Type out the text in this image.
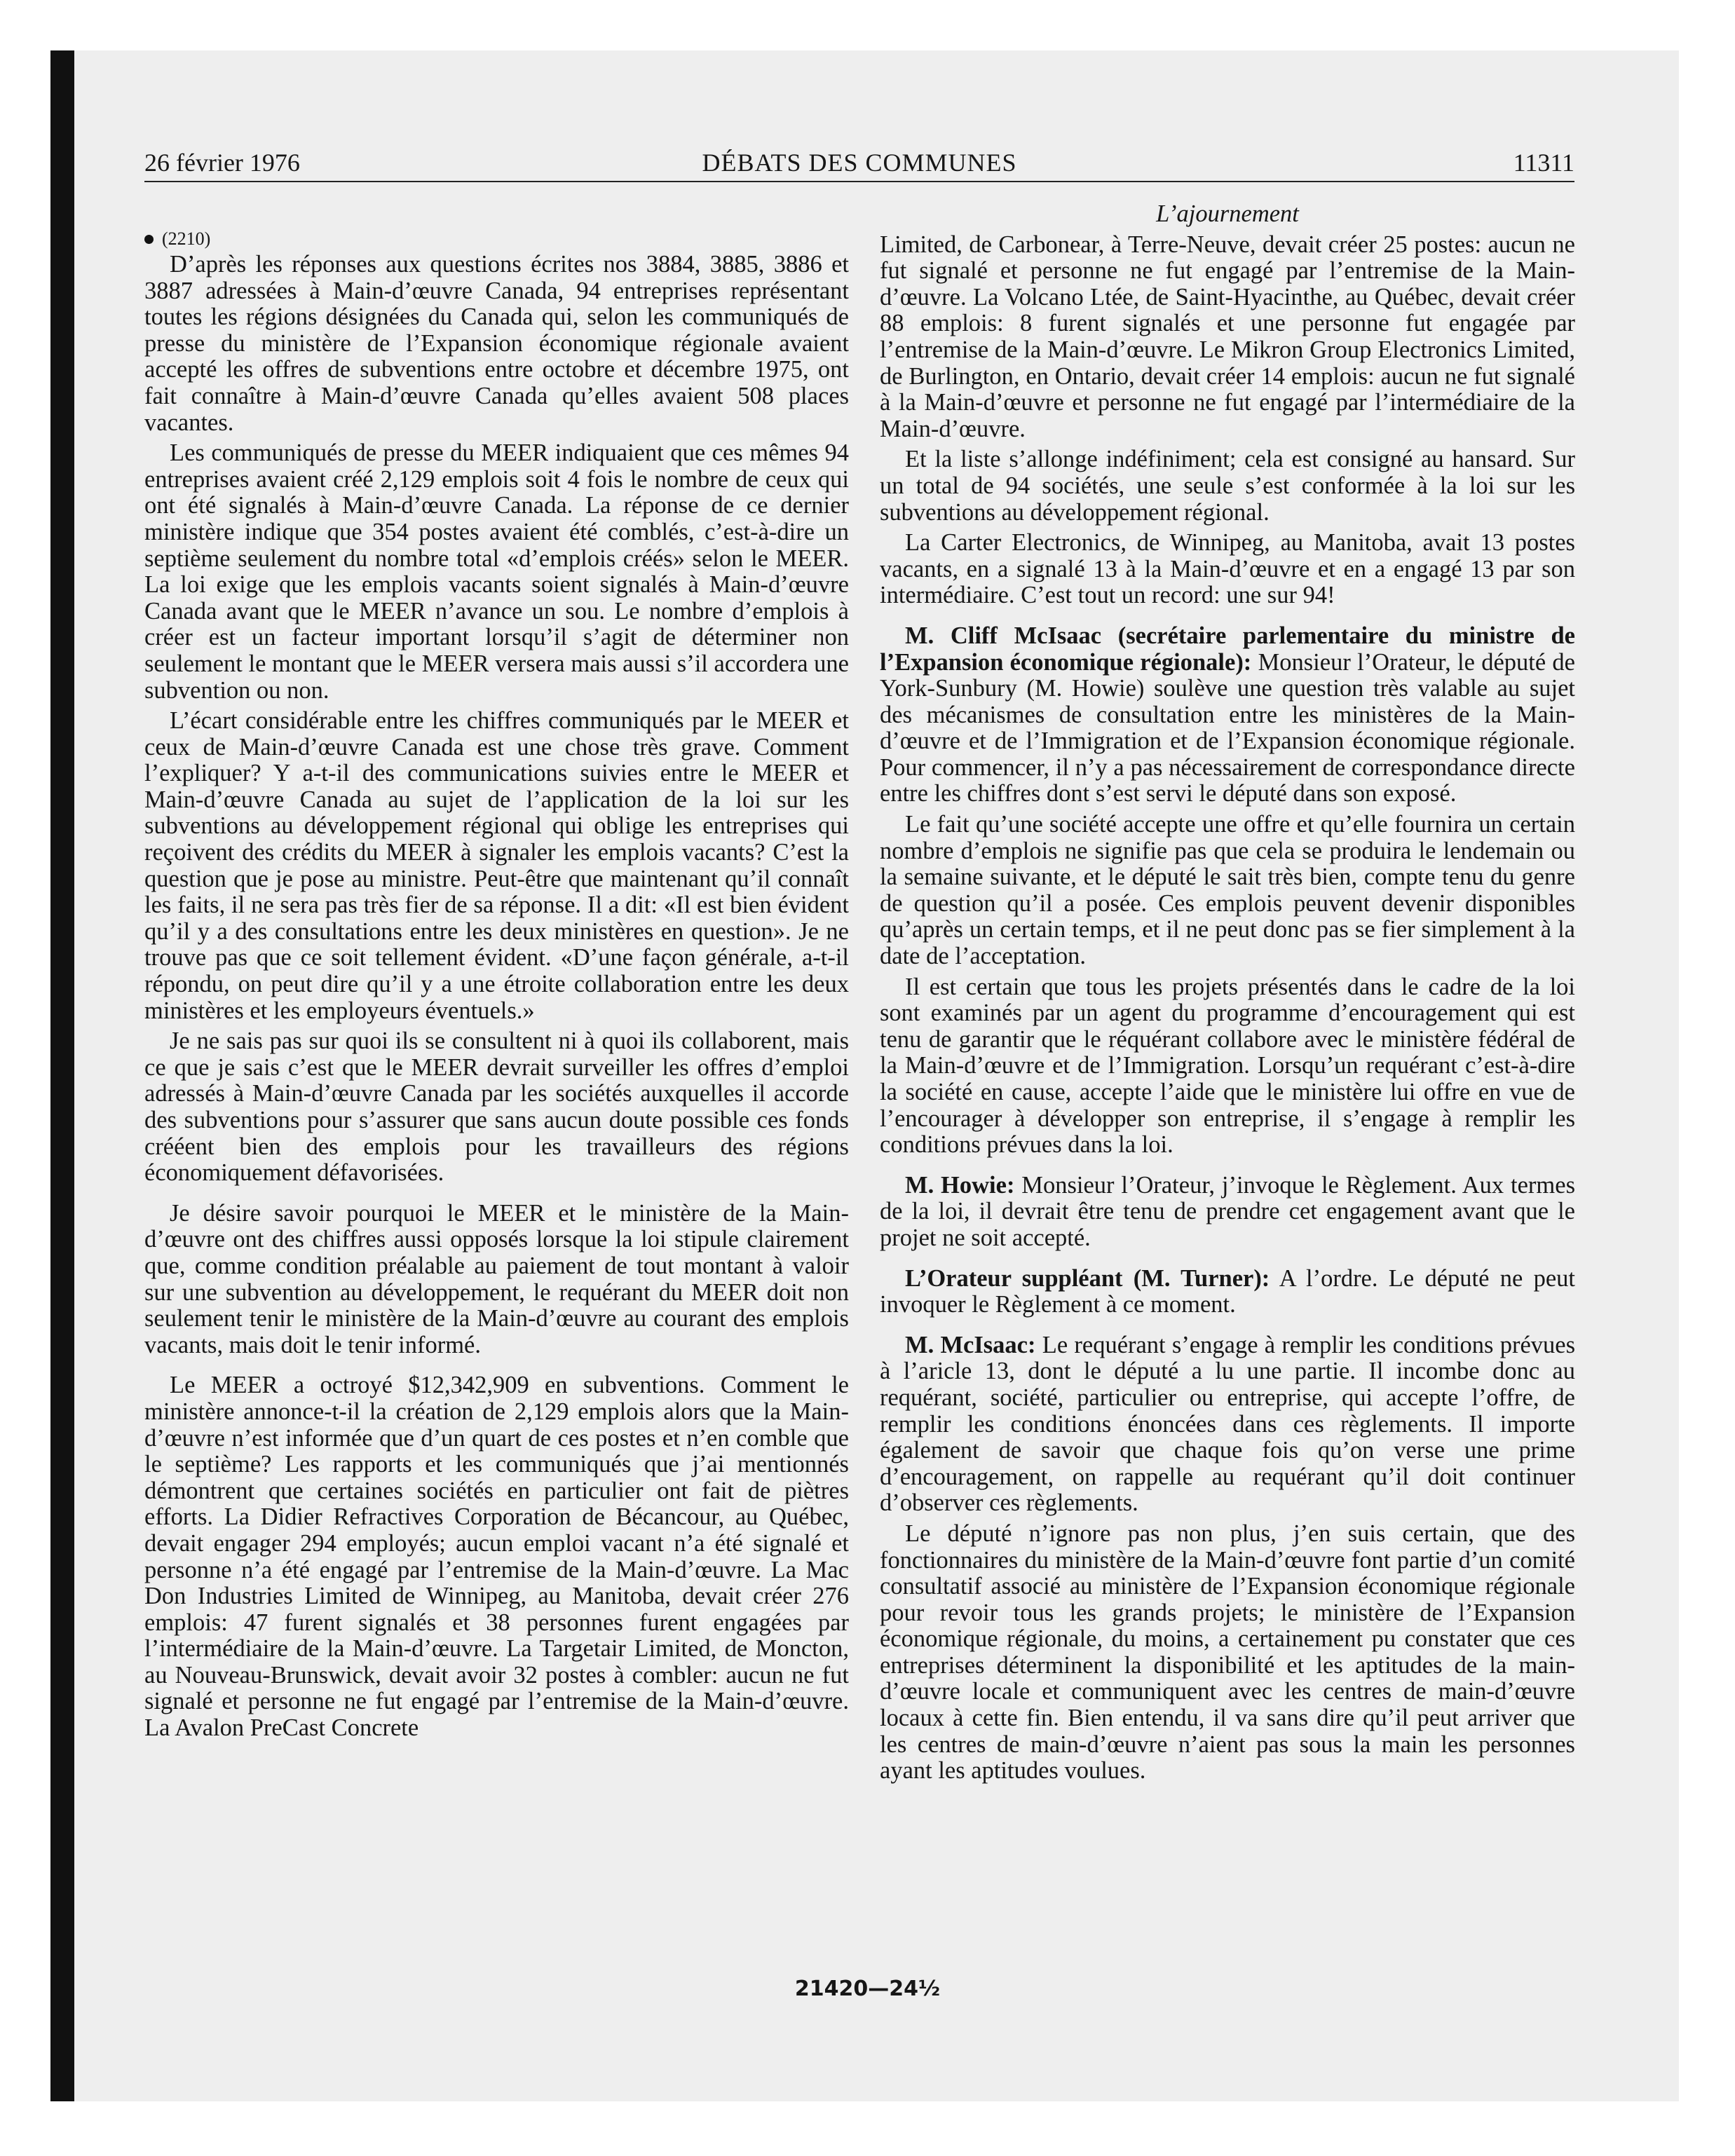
26 février 1976	DÉBATS DES COMMUNES	11311
(2210)

D’après les réponses aux questions écrites nos 3884, 3885, 3886 et 3887 adressées à Main-d’œuvre Canada, 94 entreprises représentant toutes les régions désignées du Canada qui, selon les communiqués de presse du ministère de l’Expansion économique régionale avaient accepté les offres de subventions entre octobre et décembre 1975, ont fait connaître à Main-d’œuvre Canada qu’elles avaient 508 places vacantes.

Les communiqués de presse du MEER indiquaient que ces mêmes 94 entreprises avaient créé 2,129 emplois soit 4 fois le nombre de ceux qui ont été signalés à Main-d’œuvre Canada. La réponse de ce dernier ministère indique que 354 postes avaient été comblés, c’est-à-dire un septième seulement du nombre total «d’emplois créés» selon le MEER. La loi exige que les emplois vacants soient signalés à Main-d’œuvre Canada avant que le MEER n’avance un sou. Le nombre d’emplois à créer est un facteur important lorsqu’il s’agit de déterminer non seulement le montant que le MEER versera mais aussi s’il accordera une subvention ou non.

L’écart considérable entre les chiffres communiqués par le MEER et ceux de Main-d’œuvre Canada est une chose très grave. Comment l’expliquer? Y a-t-il des communications suivies entre le MEER et Main-d’œuvre Canada au sujet de l’application de la loi sur les subventions au développement régional qui oblige les entreprises qui reçoivent des crédits du MEER à signaler les emplois vacants? C’est la question que je pose au ministre. Peut-être que maintenant qu’il connaît les faits, il ne sera pas très fier de sa réponse. Il a dit: «Il est bien évident qu’il y a des consultations entre les deux ministères en question». Je ne trouve pas que ce soit tellement évident. «D’une façon générale, a-t-il répondu, on peut dire qu’il y a une étroite collaboration entre les deux ministères et les employeurs éventuels.»

Je ne sais pas sur quoi ils se consultent ni à quoi ils collaborent, mais ce que je sais c’est que le MEER devrait surveiller les offres d’emploi adressés à Main-d’œuvre Canada par les sociétés auxquelles il accorde des subventions pour s’assurer que sans aucun doute possible ces fonds crééent bien des emplois pour les travailleurs des régions économiquement défavorisées.

Je désire savoir pourquoi le MEER et le ministère de la Main-d’œuvre ont des chiffres aussi opposés lorsque la loi stipule clairement que, comme condition préalable au paiement de tout montant à valoir sur une subvention au développement, le requérant du MEER doit non seulement tenir le ministère de la Main-d’œuvre au courant des emplois vacants, mais doit le tenir informé.

Le MEER a octroyé $12,342,909 en subventions. Comment le ministère annonce-t-il la création de 2,129 emplois alors que la Main-d’œuvre n’est informée que d’un quart de ces postes et n’en comble que le septième? Les rapports et les communiqués que j’ai mentionnés démontrent que certaines sociétés en particulier ont fait de piètres efforts. La Didier Refractives Corporation de Bécancour, au Québec, devait engager 294 employés; aucun emploi vacant n’a été signalé et personne n’a été engagé par l’entremise de la Main-d’œuvre. La Mac Don Industries Limited de Winnipeg, au Manitoba, devait créer 276 emplois: 47 furent signalés et 38 personnes furent engagées par l’intermédiaire de la Main-d’œuvre. La Targetair Limited, de Moncton, au Nouveau-Brunswick, devait avoir 32 postes à combler: aucun ne fut signalé et personne ne fut engagé par l’entremise de la Main-d’œuvre. La Avalon PreCast Concrete

L’ajournement

Limited, de Carbonear, à Terre-Neuve, devait créer 25 postes: aucun ne fut signalé et personne ne fut engagé par l’entremise de la Main-d’œuvre. La Volcano Ltée, de Saint-Hyacinthe, au Québec, devait créer 88 emplois: 8 furent signalés et une personne fut engagée par l’entremise de la Main-d’œuvre. Le Mikron Group Electronics Limited, de Burlington, en Ontario, devait créer 14 emplois: aucun ne fut signalé à la Main-d’œuvre et personne ne fut engagé par l’intermédiaire de la Main-d’œuvre.

Et la liste s’allonge indéfiniment; cela est consigné au hansard. Sur un total de 94 sociétés, une seule s’est conformée à la loi sur les subventions au développement régional.

La Carter Electronics, de Winnipeg, au Manitoba, avait 13 postes vacants, en a signalé 13 à la Main-d’œuvre et en a engagé 13 par son intermédiaire. C’est tout un record: une sur 94!

M. Cliff McIsaac (secrétaire parlementaire du ministre de l’Expansion économique régionale): Monsieur l’Orateur, le député de York-Sunbury (M. Howie) soulève une question très valable au sujet des mécanismes de consultation entre les ministères de la Main-d’œuvre et de l’Immigration et de l’Expansion économique régionale. Pour commencer, il n’y a pas nécessairement de correspondance directe entre les chiffres dont s’est servi le député dans son exposé.

Le fait qu’une société accepte une offre et qu’elle fournira un certain nombre d’emplois ne signifie pas que cela se produira le lendemain ou la semaine suivante, et le député le sait très bien, compte tenu du genre de question qu’il a posée. Ces emplois peuvent devenir disponibles qu’après un certain temps, et il ne peut donc pas se fier simplement à la date de l’acceptation.

Il est certain que tous les projets présentés dans le cadre de la loi sont examinés par un agent du programme d’encouragement qui est tenu de garantir que le réquérant collabore avec le ministère fédéral de la Main-d’œuvre et de l’Immigration. Lorsqu’un requérant c’est-à-dire la société en cause, accepte l’aide que le ministère lui offre en vue de l’encourager à développer son entreprise, il s’engage à remplir les conditions prévues dans la loi.

M. Howie: Monsieur l’Orateur, j’invoque le Règlement. Aux termes de la loi, il devrait être tenu de prendre cet engagement avant que le projet ne soit accepté.

L’Orateur suppléant (M. Turner): A l’ordre. Le député ne peut invoquer le Règlement à ce moment.

M. McIsaac: Le requérant s’engage à remplir les conditions prévues à l’aricle 13, dont le député a lu une partie. Il incombe donc au requérant, société, particulier ou entreprise, qui accepte l’offre, de remplir les conditions énoncées dans ces règlements. Il importe également de savoir que chaque fois qu’on verse une prime d’encouragement, on rappelle au requérant qu’il doit continuer d’observer ces règlements.

Le député n’ignore pas non plus, j’en suis certain, que des fonctionnaires du ministère de la Main-d’œuvre font partie d’un comité consultatif associé au ministère de l’Expansion économique régionale pour revoir tous les grands projets; le ministère de l’Expansion économique régionale, du moins, a certainement pu constater que ces entreprises déterminent la disponibilité et les aptitudes de la main-d’œuvre locale et communiquent avec les centres de main-d’œuvre locaux à cette fin. Bien entendu, il va sans dire qu’il peut arriver que les centres de main-d’œuvre n’aient pas sous la main les personnes ayant les aptitudes voulues.

21420—24½
